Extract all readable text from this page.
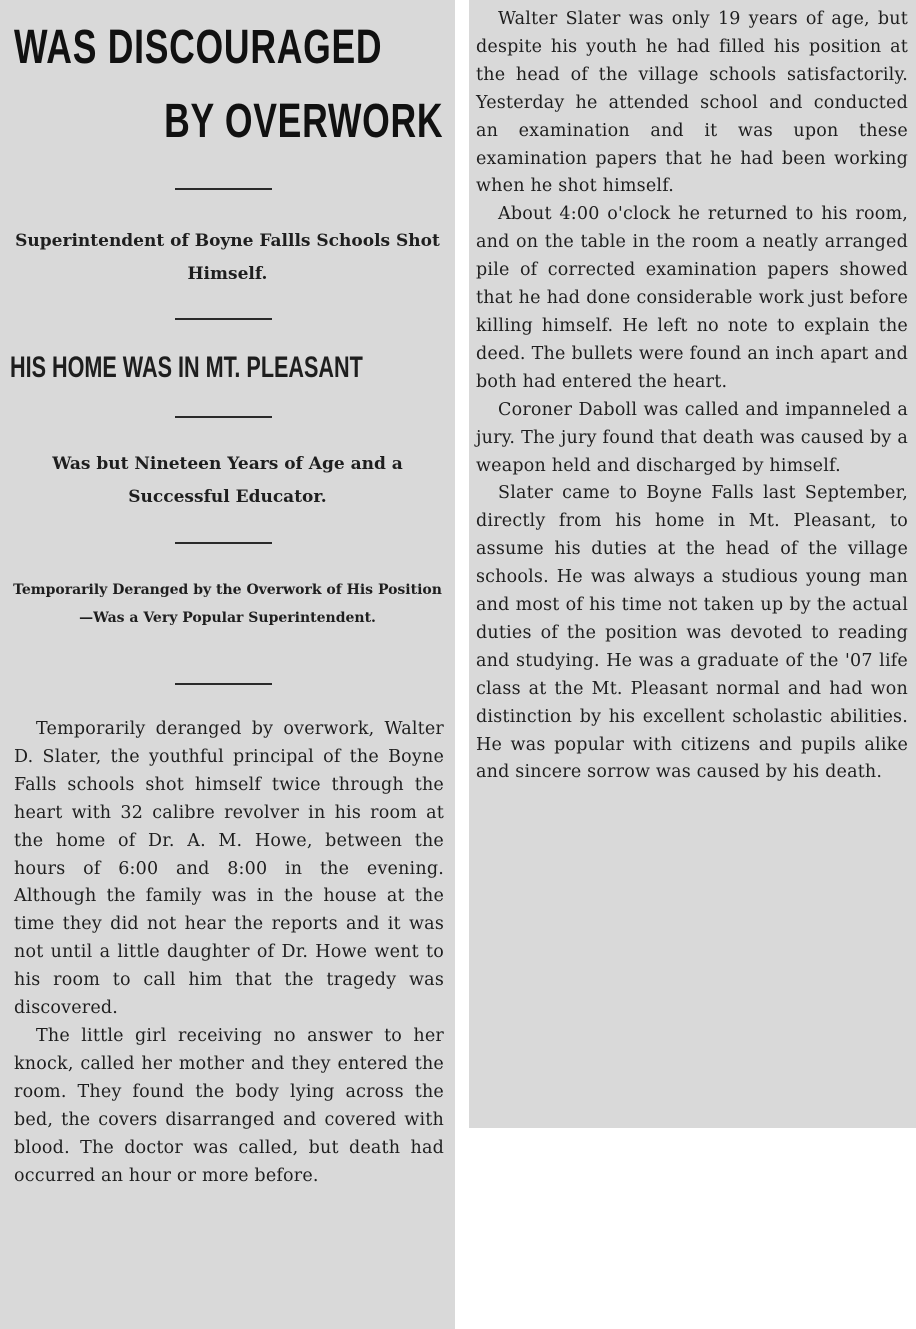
WAS DISCOURAGED
BY OVERWORK
Superintendent of Boyne Fallls Schools Shot Himself.
HIS HOME WAS IN MT. PLEASANT
Was but Nineteen Years of Age and a Successful Educator.
Temporarily Deranged by the Overwork of His Position—Was a Very Popular Superintendent.

Temporarily deranged by overwork, Walter D. Slater, the youthful principal of the Boyne Falls schools shot himself twice through the heart with 32 calibre revolver in his room at the home of Dr. A. M. Howe, between the hours of 6:00 and 8:00 in the evening. Although the family was in the house at the time they did not hear the reports and it was not until a little daughter of Dr. Howe went to his room to call him that the tragedy was discovered.

The little girl receiving no answer to her knock, called her mother and they entered the room. They found the body lying across the bed, the covers disarranged and covered with blood. The doctor was called, but death had occurred an hour or more before.

Walter Slater was only 19 years of age, but despite his youth he had filled his position at the head of the village schools satisfactorily. Yesterday he attended school and conducted an examination and it was upon these examination papers that he had been working when he shot himself.

About 4:00 o'clock he returned to his room, and on the table in the room a neatly arranged pile of corrected examination papers showed that he had done considerable work just before killing himself. He left no note to explain the deed. The bullets were found an inch apart and both had entered the heart.

Coroner Daboll was called and impanneled a jury. The jury found that death was caused by a weapon held and discharged by himself.

Slater came to Boyne Falls last September, directly from his home in Mt. Pleasant, to assume his duties at the head of the village schools. He was always a studious young man and most of his time not taken up by the actual duties of the position was devoted to reading and studying. He was a graduate of the '07 life class at the Mt. Pleasant normal and had won distinction by his excellent scholastic abilities. He was popular with citizens and pupils alike and sincere sorrow was caused by his death.
